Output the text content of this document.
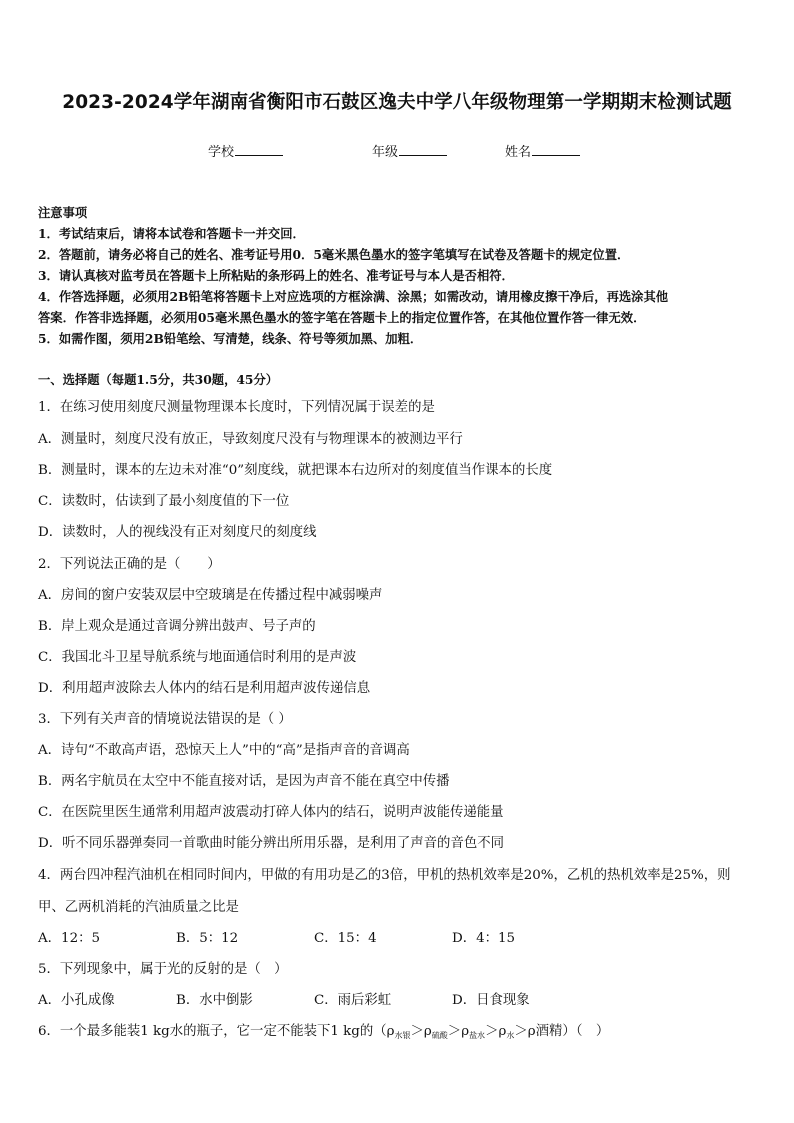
2023-2024学年湖南省衡阳市石鼓区逸夫中学八年级物理第一学期期末检测试题
学校	年级	姓名
注意事项
1．考试结束后，请将本试卷和答题卡一并交回．
2．答题前，请务必将自己的姓名、准考证号用0．5毫米黑色墨水的签字笔填写在试卷及答题卡的规定位置．
3．请认真核对监考员在答题卡上所粘贴的条形码上的姓名、准考证号与本人是否相符．
4．作答选择题，必须用2B铅笔将答题卡上对应选项的方框涂满、涂黑；如需改动，请用橡皮擦干净后，再选涂其他
答案．作答非选择题，必须用05毫米黑色墨水的签字笔在答题卡上的指定位置作答，在其他位置作答一律无效．
5．如需作图，须用2B铅笔绘、写清楚，线条、符号等须加黑、加粗．
一、选择题（每题1.5分，共30题，45分）
1．在练习使用刻度尺测量物理课本长度时，下列情况属于误差的是
A．测量时，刻度尺没有放正，导致刻度尺没有与物理课本的被测边平行
B．测量时，课本的左边未对准“0”刻度线，就把课本右边所对的刻度值当作课本的长度
C．读数时，估读到了最小刻度值的下一位
D．读数时，人的视线没有正对刻度尺的刻度线
2．下列说法正确的是（　　）
A．房间的窗户安装双层中空玻璃是在传播过程中减弱噪声
B．岸上观众是通过音调分辨出鼓声、号子声的
C．我国北斗卫星导航系统与地面通信时利用的是声波
D．利用超声波除去人体内的结石是利用超声波传递信息
3．下列有关声音的情境说法错误的是（ ）
A．诗句“不敢高声语，恐惊天上人”中的“高”是指声音的音调高
B．两名宇航员在太空中不能直接对话，是因为声音不能在真空中传播
C．在医院里医生通常利用超声波震动打碎人体内的结石，说明声波能传递能量
D．听不同乐器弹奏同一首歌曲时能分辨出所用乐器，是利用了声音的音色不同
4．两台四冲程汽油机在相同时间内，甲做的有用功是乙的3倍，甲机的热机效率是20%，乙机的热机效率是25%，则
甲、乙两机消耗的汽油质量之比是
A．12：5	B．5：12	C．15：4	D．4：15
5．下列现象中，属于光的反射的是（　）
A．小孔成像	B．水中倒影	C．雨后彩虹	D．日食现象
6．一个最多能装1 kg水的瓶子，它一定不能装下1 kg的（$\rho_{水银}>\rho_{硫酸}>\rho_{盐水}>\rho_水>\rho$酒精）（　）
